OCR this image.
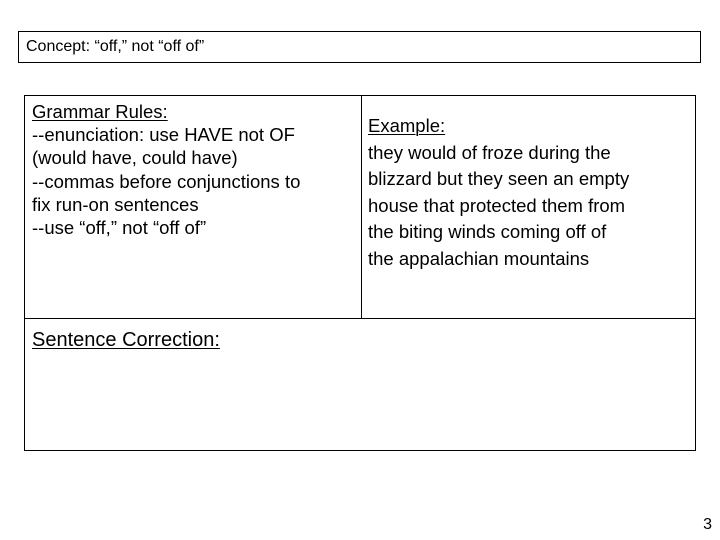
Concept: “off,” not “off of”
Grammar Rules:
--enunciation: use HAVE not OF
(would have, could have)
--commas before conjunctions to
fix run-on sentences
--use “off,” not “off of”
Example:
they would of froze during the
blizzard but they seen an empty
house that protected them from
the biting winds coming off of
the appalachian mountains
Sentence Correction:
3
